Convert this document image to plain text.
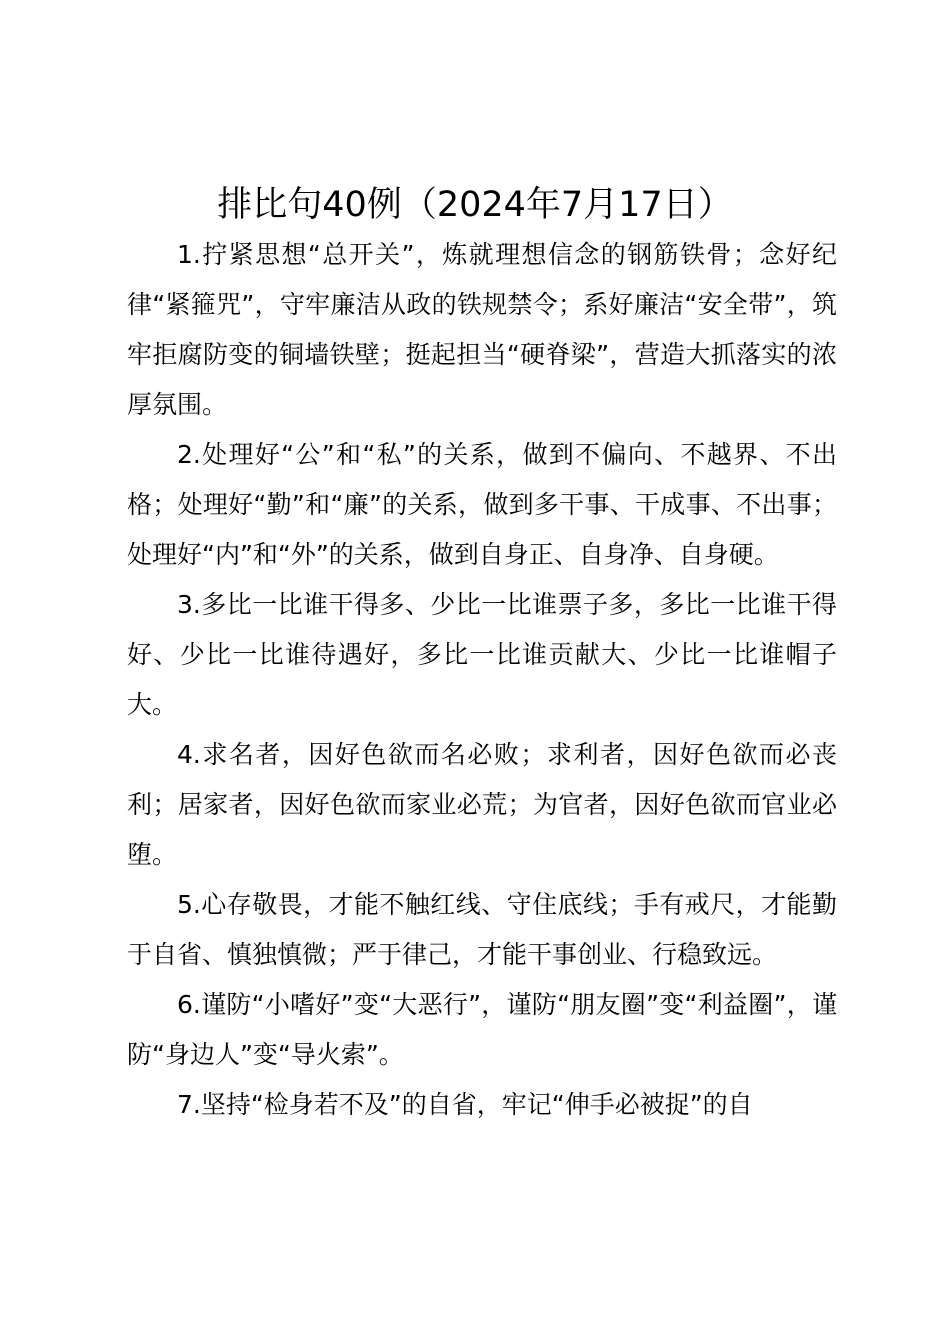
排比句40例（2024年7月17日）

1.拧紧思想“总开关”，炼就理想信念的钢筋铁骨；念好纪律“紧箍咒”，守牢廉洁从政的铁规禁令；系好廉洁“安全带”，筑牢拒腐防变的铜墙铁壁；挺起担当“硬脊梁”，营造大抓落实的浓厚氛围。

2.处理好“公”和“私”的关系，做到不偏向、不越界、不出格；处理好“勤”和“廉”的关系，做到多干事、干成事、不出事；处理好“内”和“外”的关系，做到自身正、自身净、自身硬。

3.多比一比谁干得多、少比一比谁票子多，多比一比谁干得好、少比一比谁待遇好，多比一比谁贡献大、少比一比谁帽子大。

4.求名者，因好色欲而名必败；求利者，因好色欲而必丧利；居家者，因好色欲而家业必荒；为官者，因好色欲而官业必堕。

5.心存敬畏，才能不触红线、守住底线；手有戒尺，才能勤于自省、慎独慎微；严于律己，才能干事创业、行稳致远。

6.谨防“小嗜好”变“大恶行”，谨防“朋友圈”变“利益圈”，谨防“身边人”变“导火索”。

7.坚持“检身若不及”的自省，牢记“伸手必被捉”的自
